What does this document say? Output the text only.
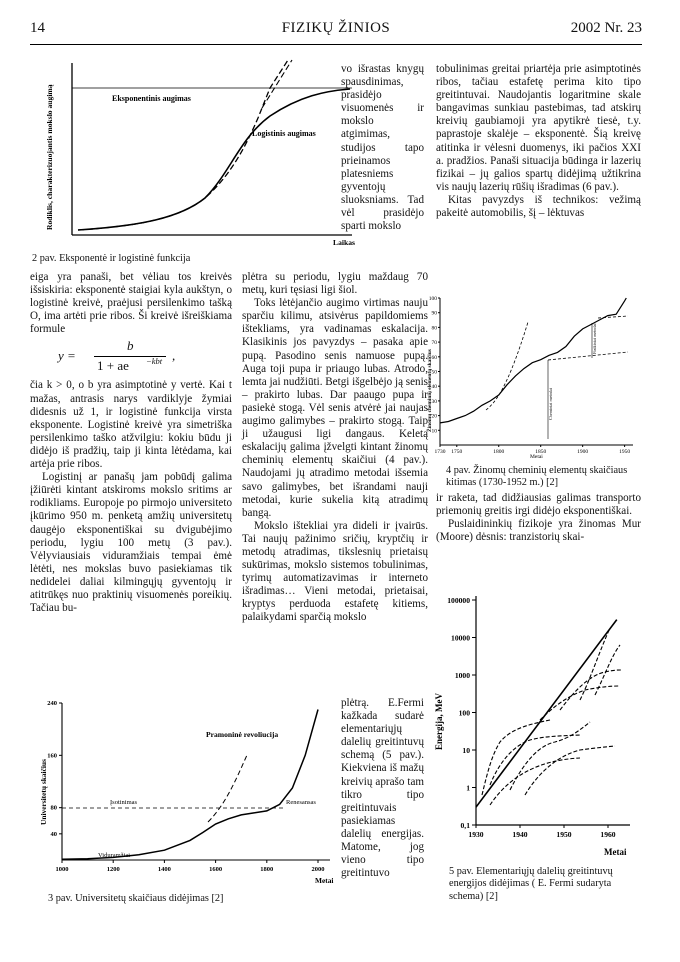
14	FIZIKŲ ŽINIOS	2002 Nr. 23
Rodiklis, charakterizuojantis mokslo augimą	Eksponentinis augimas
Logistinis augimas
Laikas
2 pav. Eksponentė ir logistinė funkcija

vo išrastas knygų spausdinimas, prasidėjo visuomenės ir mokslo atgimimas, studijos tapo prieinamos platesniems gyventojų sluoksniams. Tad vėl prasidėjo sparti mokslo

tobulinimas greitai priartėja prie asimptotinės ribos, tačiau estafetę perima kito tipo greitintuvai. Naudojantis logaritmine skale bangavimas sunkiau pastebimas, tad atskirų kreivių gaubiamoji yra apytikrė tiesė, t.y. paprastoje skalėje – eksponentė. Šią kreivę atitinka ir vėlesni duomenys, iki pačios XXI a. pradžios. Panaši situacija būdinga ir lazerių fizikai – jų galios spartų didėjimą užtikrina vis naujų lazerių rūšių išradimas (6 pav.).

Kitas pavyzdys iš technikos: vežimą pakeitė automobilis, šį – lėktuvas

eiga yra panaši, bet vėliau tos kreivės išsiskiria: eksponentė staigiai kyla aukštyn, o logistinė kreivė, praėjusi persilenkimo tašką O, ima artėti prie ribos. Ši kreivė išreiškiama formule

y =
b
1 + ae −kbt ,

čia k > 0, o b yra asimptotinė y vertė. Kai t mažas, antrasis narys vardiklyje žymiai didesnis už 1, ir logistinė funkcija virsta eksponente. Logistinė kreivė yra simetriška persilenkimo taško atžvilgiu: kokiu būdu ji didėjo iš pradžių, taip ji kinta lėtėdama, kai artėja prie ribos.

Logistinį ar panašų jam pobūdį galima įžiūrėti kintant atskiroms mokslo sritims ar rodikliams. Europoje po pirmojo universiteto įkūrimo 950 m. penketą amžių universitetų daugėjo eksponentiškai su dvigubėjimo periodu, lygiu 100 metų (3 pav.). Vėlyviausiais viduramžiais tempai ėmė lėtėti, nes mokslas buvo pasiekiamas tik nedidelei daliai kilmingųjų gyventojų ir atitrūkęs nuo praktinių visuomenės poreikių. Tačiau bu-

plėtra su periodu, lygiu maždaug 70 metų, kuri tęsiasi ligi šiol.

Toks lėtėjančio augimo virtimas nauju sparčiu kilimu, atsivėrus papildomiems ištekliams, yra vadinamas eskalacija. Klasikinis jos pavyzdys – pasaka apie pupą. Pasodino senis namuose pupą. Auga toji pupa ir priaugo lubas. Atrodo, lemta jai nudžiūti. Betgi išgelbėjo ją senis – prakirto lubas. Dar paaugo pupa ir pasiekė stogą. Vėl senis atvėrė jai naujas augimo galimybes – prakirto stogą. Taip ji užaugusi ligi dangaus. Keletą eskalacijų galima įžvelgti kintant žinomų cheminių elementų skaičiui (4 pav.). Naudojami jų atradimo metodai išsemia savo galimybes, bet išrandami nauji metodai, kurie sukelia kitą atradimų bangą.

Mokslo ištekliai yra dideli ir įvairūs. Tai naujų pažinimo sričių, kryptčių ir metodų atradimas, tikslesnių prietaisų sukūrimas, mokslo sistemos tobulinimas, tyrimų automatizavimas ir interneto išradimas… Vieni metodai, prietaisai, kryptys perduoda estafetę kitiems, palaikydami sparčią mokslo

10
20
30
40
50
60
70
80
90
100
1730 1750	1800	1850	1900	1950
Cheminiai metodai
Fizikiniai metodai
Žinomų cheminių elementų skaičius
Metai
4 pav. Žinomų cheminių elementų skaičiaus kitimas (1730-1952 m.) [2]

ir raketa, tad didžiausias galimas transporto priemonių greitis irgi didėjo eksponentiškai.

Puslaidininkių fizikoje yra žinomas Mur (Moore) dėsnis: tranzistorių skai-

40
80
160
240
1000	1200	1400	1600	1800	2000
Pramoninė revoliucija
Įsotinimas	Renesansas
Viduramžiai
Universitetų skaičius
Metai
3 pav. Universitetų skaičiaus didėjimas [2]

plėtrą. E.Fermi kažkada sudarė elementariųjų dalelių greitintuvų schemą (5 pav.). Kiekviena iš mažų kreivių aprašo tam tikro tipo greitintuvais pasiekiamas dalelių energijas. Matome, jog vieno tipo greitintuvo

0,1
1
10
100
1000
10000
100000
1930	1940	1950	1960
Energija, MeV
Metai
5 pav. Elementariųjų dalelių greitintuvų energijos didėjimas ( E. Fermi sudaryta schema) [2]
